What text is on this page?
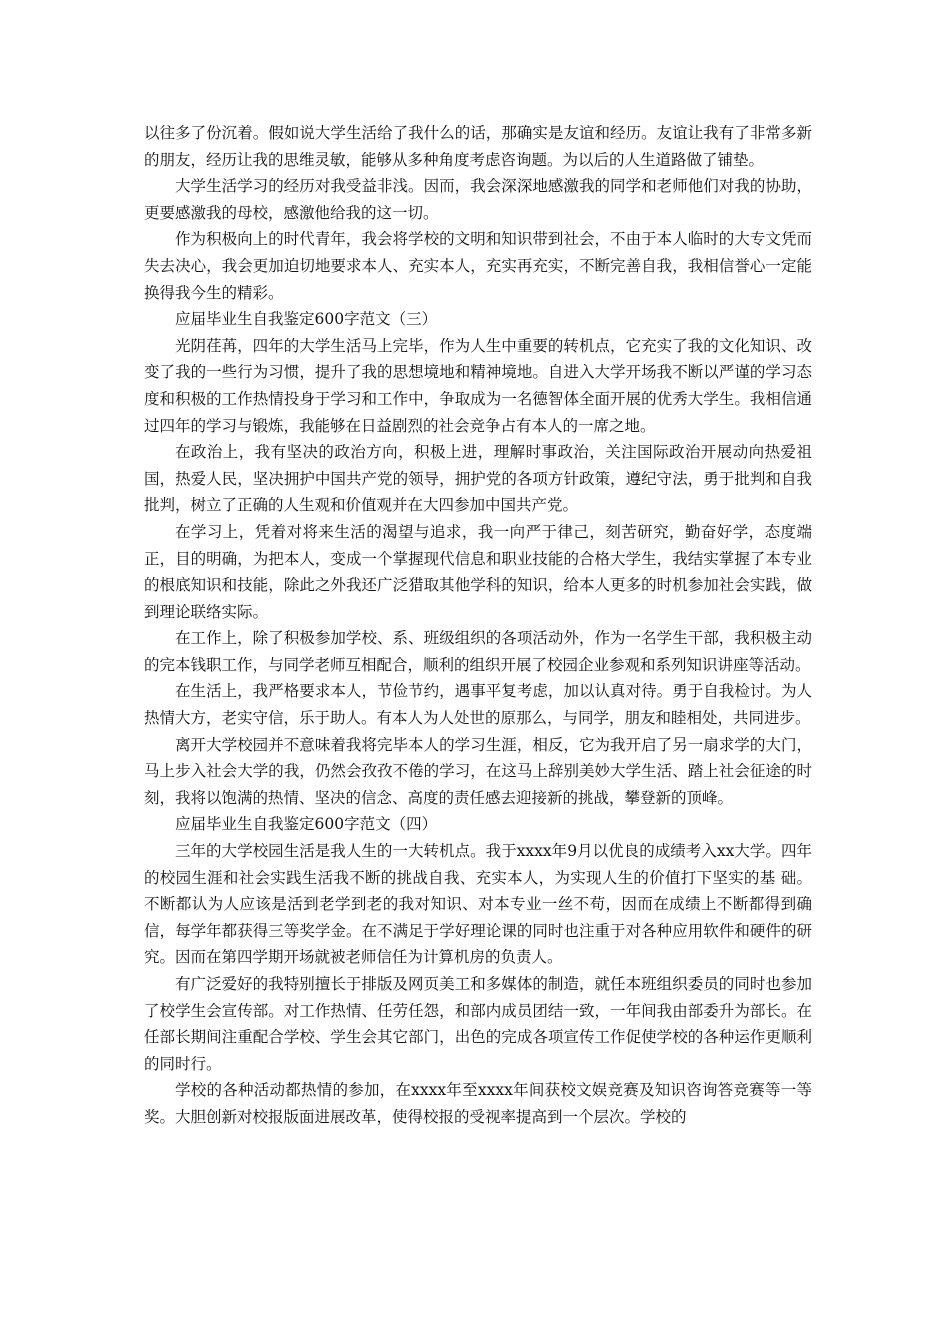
以往多了份沉着。假如说大学生活给了我什么的话，那确实是友谊和经历。友谊让我有了非常多新的朋友，经历让我的思维灵敏，能够从多种角度考虑咨询题。为以后的人生道路做了铺垫。

大学生活学习的经历对我受益非浅。因而，我会深深地感激我的同学和老师他们对我的协助，更要感激我的母校，感激他给我的这一切。

作为积极向上的时代青年，我会将学校的文明和知识带到社会，不由于本人临时的大专文凭而失去决心，我会更加迫切地要求本人、充实本人，充实再充实，不断完善自我，我相信誉心一定能换得我今生的精彩。

应届毕业生自我鉴定600字范文（三）

光阴荏苒，四年的大学生活马上完毕，作为人生中重要的转机点，它充实了我的文化知识、改变了我的一些行为习惯，提升了我的思想境地和精神境地。自进入大学开场我不断以严谨的学习态度和积极的工作热情投身于学习和工作中，争取成为一名德智体全面开展的优秀大学生。我相信通过四年的学习与锻炼，我能够在日益剧烈的社会竞争占有本人的一席之地。

在政治上，我有坚决的政治方向，积极上进，理解时事政治，关注国际政治开展动向热爱祖国，热爱人民，坚决拥护中国共产党的领导，拥护党的各项方针政策，遵纪守法，勇于批判和自我批判，树立了正确的人生观和价值观并在大四参加中国共产党。

在学习上，凭着对将来生活的渴望与追求，我一向严于律己，刻苦研究，勤奋好学，态度端正，目的明确，为把本人，变成一个掌握现代信息和职业技能的合格大学生，我结实掌握了本专业的根底知识和技能，除此之外我还广泛猎取其他学科的知识，给本人更多的时机参加社会实践，做到理论联络实际。

在工作上，除了积极参加学校、系、班级组织的各项活动外，作为一名学生干部，我积极主动的完本钱职工作，与同学老师互相配合，顺利的组织开展了校园企业参观和系列知识讲座等活动。

在生活上，我严格要求本人，节俭节约，遇事平复考虑，加以认真对待。勇于自我检讨。为人热情大方，老实守信，乐于助人。有本人为人处世的原那么，与同学，朋友和睦相处，共同进步。

离开大学校园并不意味着我将完毕本人的学习生涯，相反，它为我开启了另一扇求学的大门，马上步入社会大学的我，仍然会孜孜不倦的学习，在这马上辞别美妙大学生活、踏上社会征途的时刻，我将以饱满的热情、坚决的信念、高度的责任感去迎接新的挑战，攀登新的顶峰。

应届毕业生自我鉴定600字范文（四）

三年的大学校园生活是我人生的一大转机点。我于xxxx年9月以优良的成绩考入xx大学。四年的校园生涯和社会实践生活我不断的挑战自我、充实本人，为实现人生的价值打下坚实的基 础。不断都认为人应该是活到老学到老的我对知识、对本专业一丝不苟，因而在成绩上不断都得到确信，每学年都获得三等奖学金。在不满足于学好理论课的同时也注重于对各种应用软件和硬件的研究。因而在第四学期开场就被老师信任为计算机房的负责人。

有广泛爱好的我特别擅长于排版及网页美工和多媒体的制造，就任本班组织委员的同时也参加了校学生会宣传部。对工作热情、任劳任怨，和部内成员团结一致，一年间我由部委升为部长。在任部长期间注重配合学校、学生会其它部门，出色的完成各项宣传工作促使学校的各种运作更顺利的同时行。

学校的各种活动都热情的参加，在xxxx年至xxxx年间获校文娱竞赛及知识咨询答竞赛等一等奖。大胆创新对校报版面进展改革，使得校报的受视率提高到一个层次。学校的
